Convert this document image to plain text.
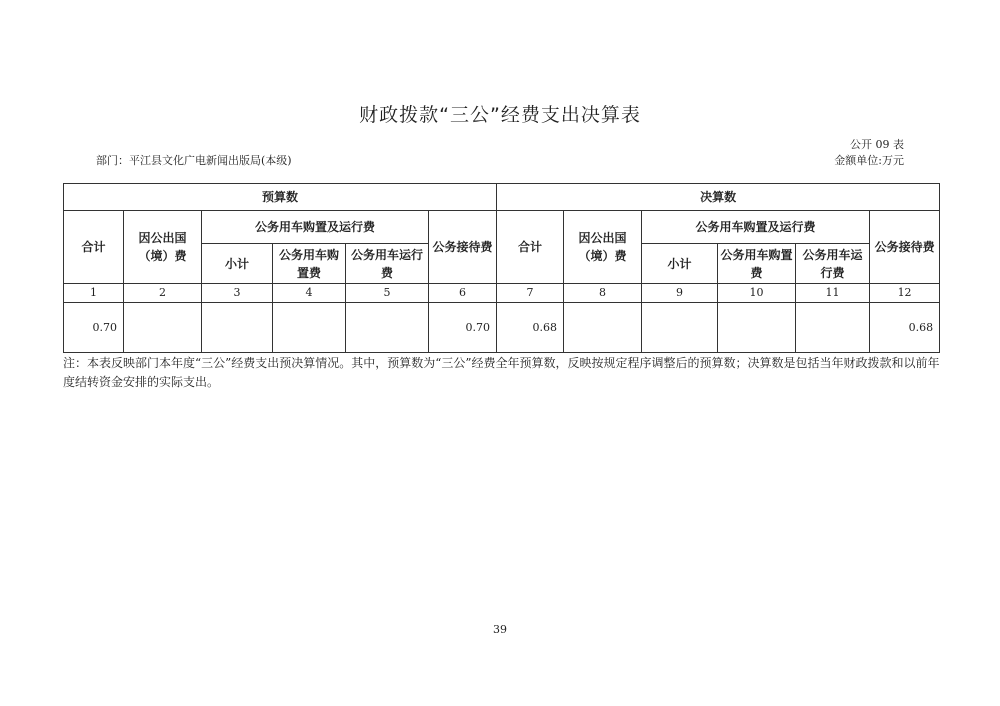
财政拨款“三公”经费支出决算表
公开 09 表
部门：平江县文化广电新闻出版局(本级)	金额单位:万元
预算数						决算数					
合计	因公出国（境）费	公务用车购置及运行费			公务接待费	合计	因公出国（境）费	公务用车购置及运行费			公务接待费
		小计	公务用车购置费	公务用车运行费				小计	公务用车购置费	公务用车运行费	
1	2	3	4	5	6	7	8	9	10	11	12
0.70					0.70	0.68					0.68
注：本表反映部门本年度“三公”经费支出预决算情况。其中，预算数为“三公”经费全年预算数，反映按规定程序调整后的预算数；决算数是包括当年财政拨款和以前年度结转资金安排的实际支出。
39
